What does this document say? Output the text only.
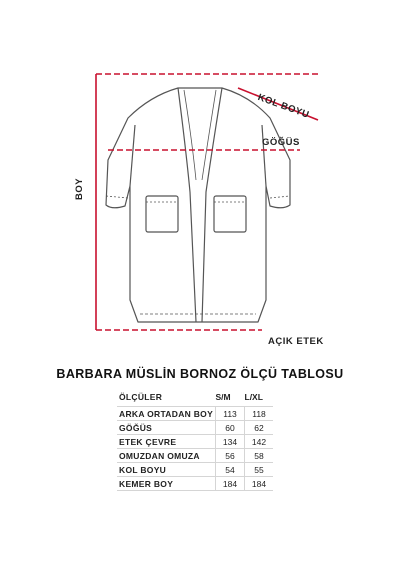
BOY
KOL BOYU
GÖĞÜS
AÇIK ETEK
BARBARA MÜSLİN BORNOZ ÖLÇÜ TABLOSU
ÖLÇÜLER	S/M	L/XL
ARKA ORTADAN BOY	113	118
GÖĞÜS	60	62
ETEK ÇEVRE	134	142
OMUZDAN OMUZA	56	58
KOL BOYU	54	55
KEMER BOY	184	184
